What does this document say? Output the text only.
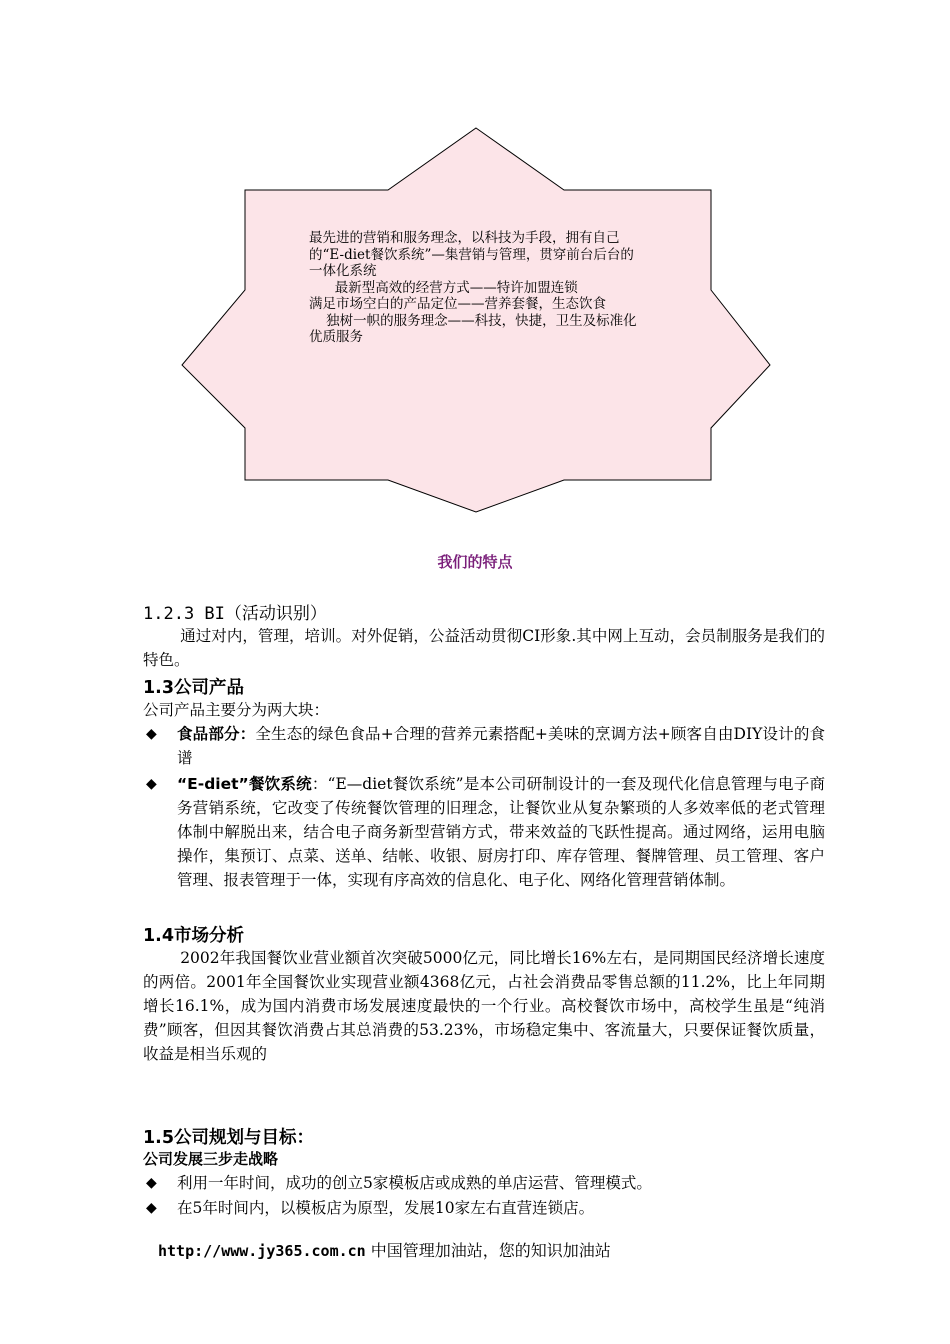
最先进的营销和服务理念，以科技为手段，拥有自己的“E-diet餐饮系统”—集营销与管理，贯穿前台后台的一体化系统
最新型高效的经营方式——特许加盟连锁
满足市场空白的产品定位——营养套餐，生态饮食
独树一帜的服务理念——科技，快捷，卫生及标准化优质服务
我们的特点
1.2.3 BI（活动识别）
通过对内，管理，培训。对外促销，公益活动贯彻CI形象.其中网上互动，会员制服务是我们的特色。
1.3公司产品
公司产品主要分为两大块：
◆ 食品部分：全生态的绿色食品+合理的营养元素搭配+美味的烹调方法+顾客自由DIY设计的食谱
◆ “E-diet”餐饮系统：“E—diet餐饮系统”是本公司研制设计的一套及现代化信息管理与电子商务营销系统，它改变了传统餐饮管理的旧理念，让餐饮业从复杂繁琐的人多效率低的老式管理体制中解脱出来，结合电子商务新型营销方式，带来效益的飞跃性提高。通过网络，运用电脑操作，集预订、点菜、送单、结帐、收银、厨房打印、库存管理、餐牌管理、员工管理、客户管理、报表管理于一体，实现有序高效的信息化、电子化、网络化管理营销体制。
1.4市场分析
2002年我国餐饮业营业额首次突破5000亿元，同比增长16%左右，是同期国民经济增长速度的两倍。2001年全国餐饮业实现营业额4368亿元，占社会消费品零售总额的11.2%，比上年同期增长16.1%，成为国内消费市场发展速度最快的一个行业。高校餐饮市场中，高校学生虽是“纯消费”顾客，但因其餐饮消费占其总消费的53.23%，市场稳定集中、客流量大，只要保证餐饮质量，收益是相当乐观的
1.5公司规划与目标：
公司发展三步走战略
◆ 利用一年时间，成功的创立5家模板店或成熟的单店运营、管理模式。
◆ 在5年时间内，以模板店为原型，发展10家左右直营连锁店。
http://www.jy365.com.cn 中国管理加油站，您的知识加油站
